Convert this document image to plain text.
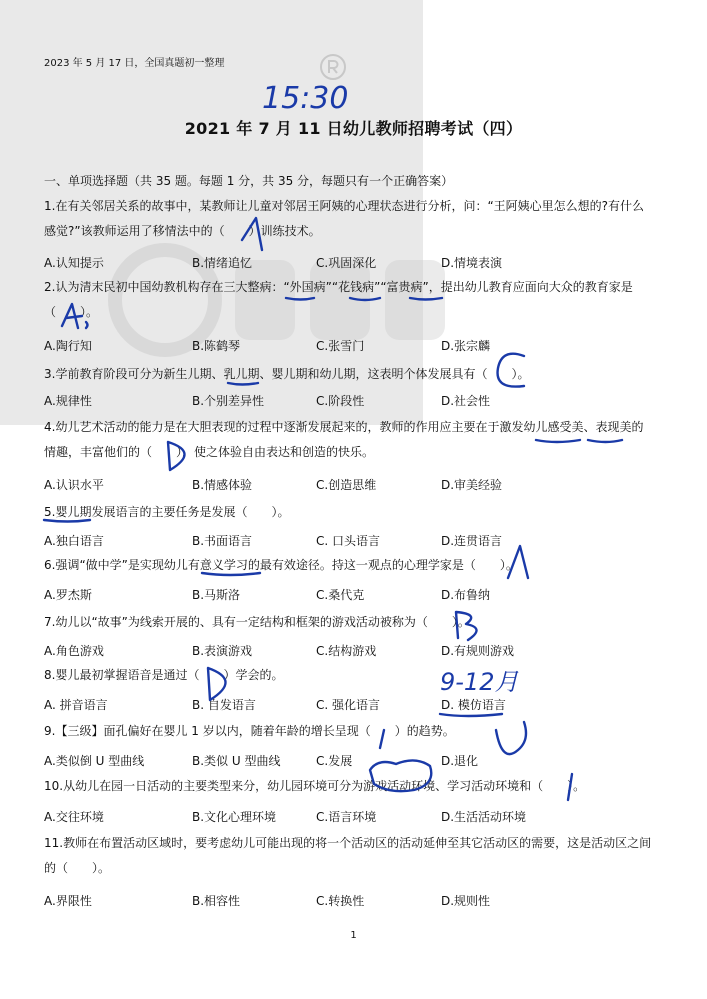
2023 年 5 月 17 日，全国真题初一整理
2021 年 7 月 11 日幼儿教师招聘考试（四）
一、单项选择题（共 35 题。每题 1 分，共 35 分，每题只有一个正确答案）
1.在有关邻居关系的故事中，某教师让儿童对邻居王阿姨的心理状态进行分析，问：“王阿姨心里怎么想的?有什么
感觉?”该教师运用了移情法中的（　　）训练技术。
A.认知提示	B.情绪追忆	C.巩固深化	D.情境表演
2.认为清末民初中国幼教机构存在三大整病：“外国病”“花钱病”“富贵病”，提出幼儿教育应面向大众的教育家是
（　　）。
A.陶行知	B.陈鹤琴	C.张雪门	D.张宗麟
3.学前教育阶段可分为新生儿期、乳儿期、婴儿期和幼儿期，这表明个体发展具有（　　）。
A.规律性	B.个别差异性	C.阶段性	D.社会性
4.幼儿艺术活动的能力是在大胆表现的过程中逐渐发展起来的，教师的作用应主要在于激发幼儿感受美、表现美的
情趣，丰富他们的（　　），使之体验自由表达和创造的快乐。
A.认识水平	B.情感体验	C.创造思维	D.审美经验
5.婴儿期发展语言的主要任务是发展（　　）。
A.独白语言	B.书面语言	C. 口头语言	D.连贯语言
6.强调“做中学”是实现幼儿有意义学习的最有效途径。持这一观点的心理学家是（　　）。
A.罗杰斯	B.马斯洛	C.桑代克	D.布鲁纳
7.幼儿以“故事”为线索开展的、具有一定结构和框架的游戏活动被称为（　　）。
A.角色游戏	B.表演游戏	C.结构游戏	D.有规则游戏
8.婴儿最初掌握语音是通过（　　）学会的。
A. 拼音语言	B. 自发语言	C. 强化语言	D. 模仿语言
9.【三级】面孔偏好在婴儿 1 岁以内，随着年龄的增长呈现（　　）的趋势。
A.类似倒 U 型曲线	B.类似 U 型曲线	C.发展	D.退化
10.从幼儿在园一日活动的主要类型来分，幼儿园环境可分为游戏活动环境、学习活动环境和（　　）。
A.交往环境	B.文化心理环境	C.语言环境	D.生活活动环境
11.教师在布置活动区域时，要考虑幼儿可能出现的将一个活动区的活动延伸至其它活动区的需要，这是活动区之间
的（　　）。
A.界限性	B.相容性	C.转换性	D.规则性
1
15:30
9-12月
